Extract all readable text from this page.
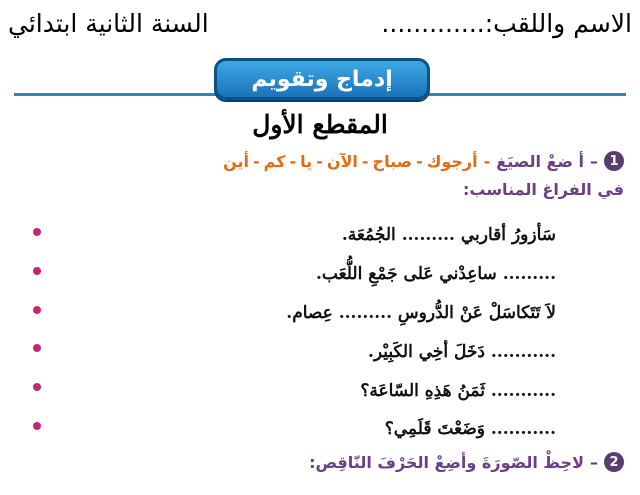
الاسم واللقب:.............
السنة الثانية ابتدائي
إدماج وتقويم
المقطع الأول
1
–
أ ضعْ الصيَغ
-
أرجوك
-
صباح
-
الآن
-
يا
-
كم
-
أين
في الفراغ المناسب:
سَأزورُ أقاربي ......... الجُمُعَة.
......... ساعِدْني عَلى جَمْعِ اللُّعَب.
لاَ تَتَكاسَلْ عَنْ الدُّروسِ ......... عِصام.
........... دَخَلَ أخِي الكَبِيْر.
........... ثَمَنُ هَذِهِ السّاعَة؟
........... وَضَعْتَ قَلَمِي؟
2
–
لاحِظْ الصّورَةَ وأضِعْ الحَرْفَ النّاقِص:
